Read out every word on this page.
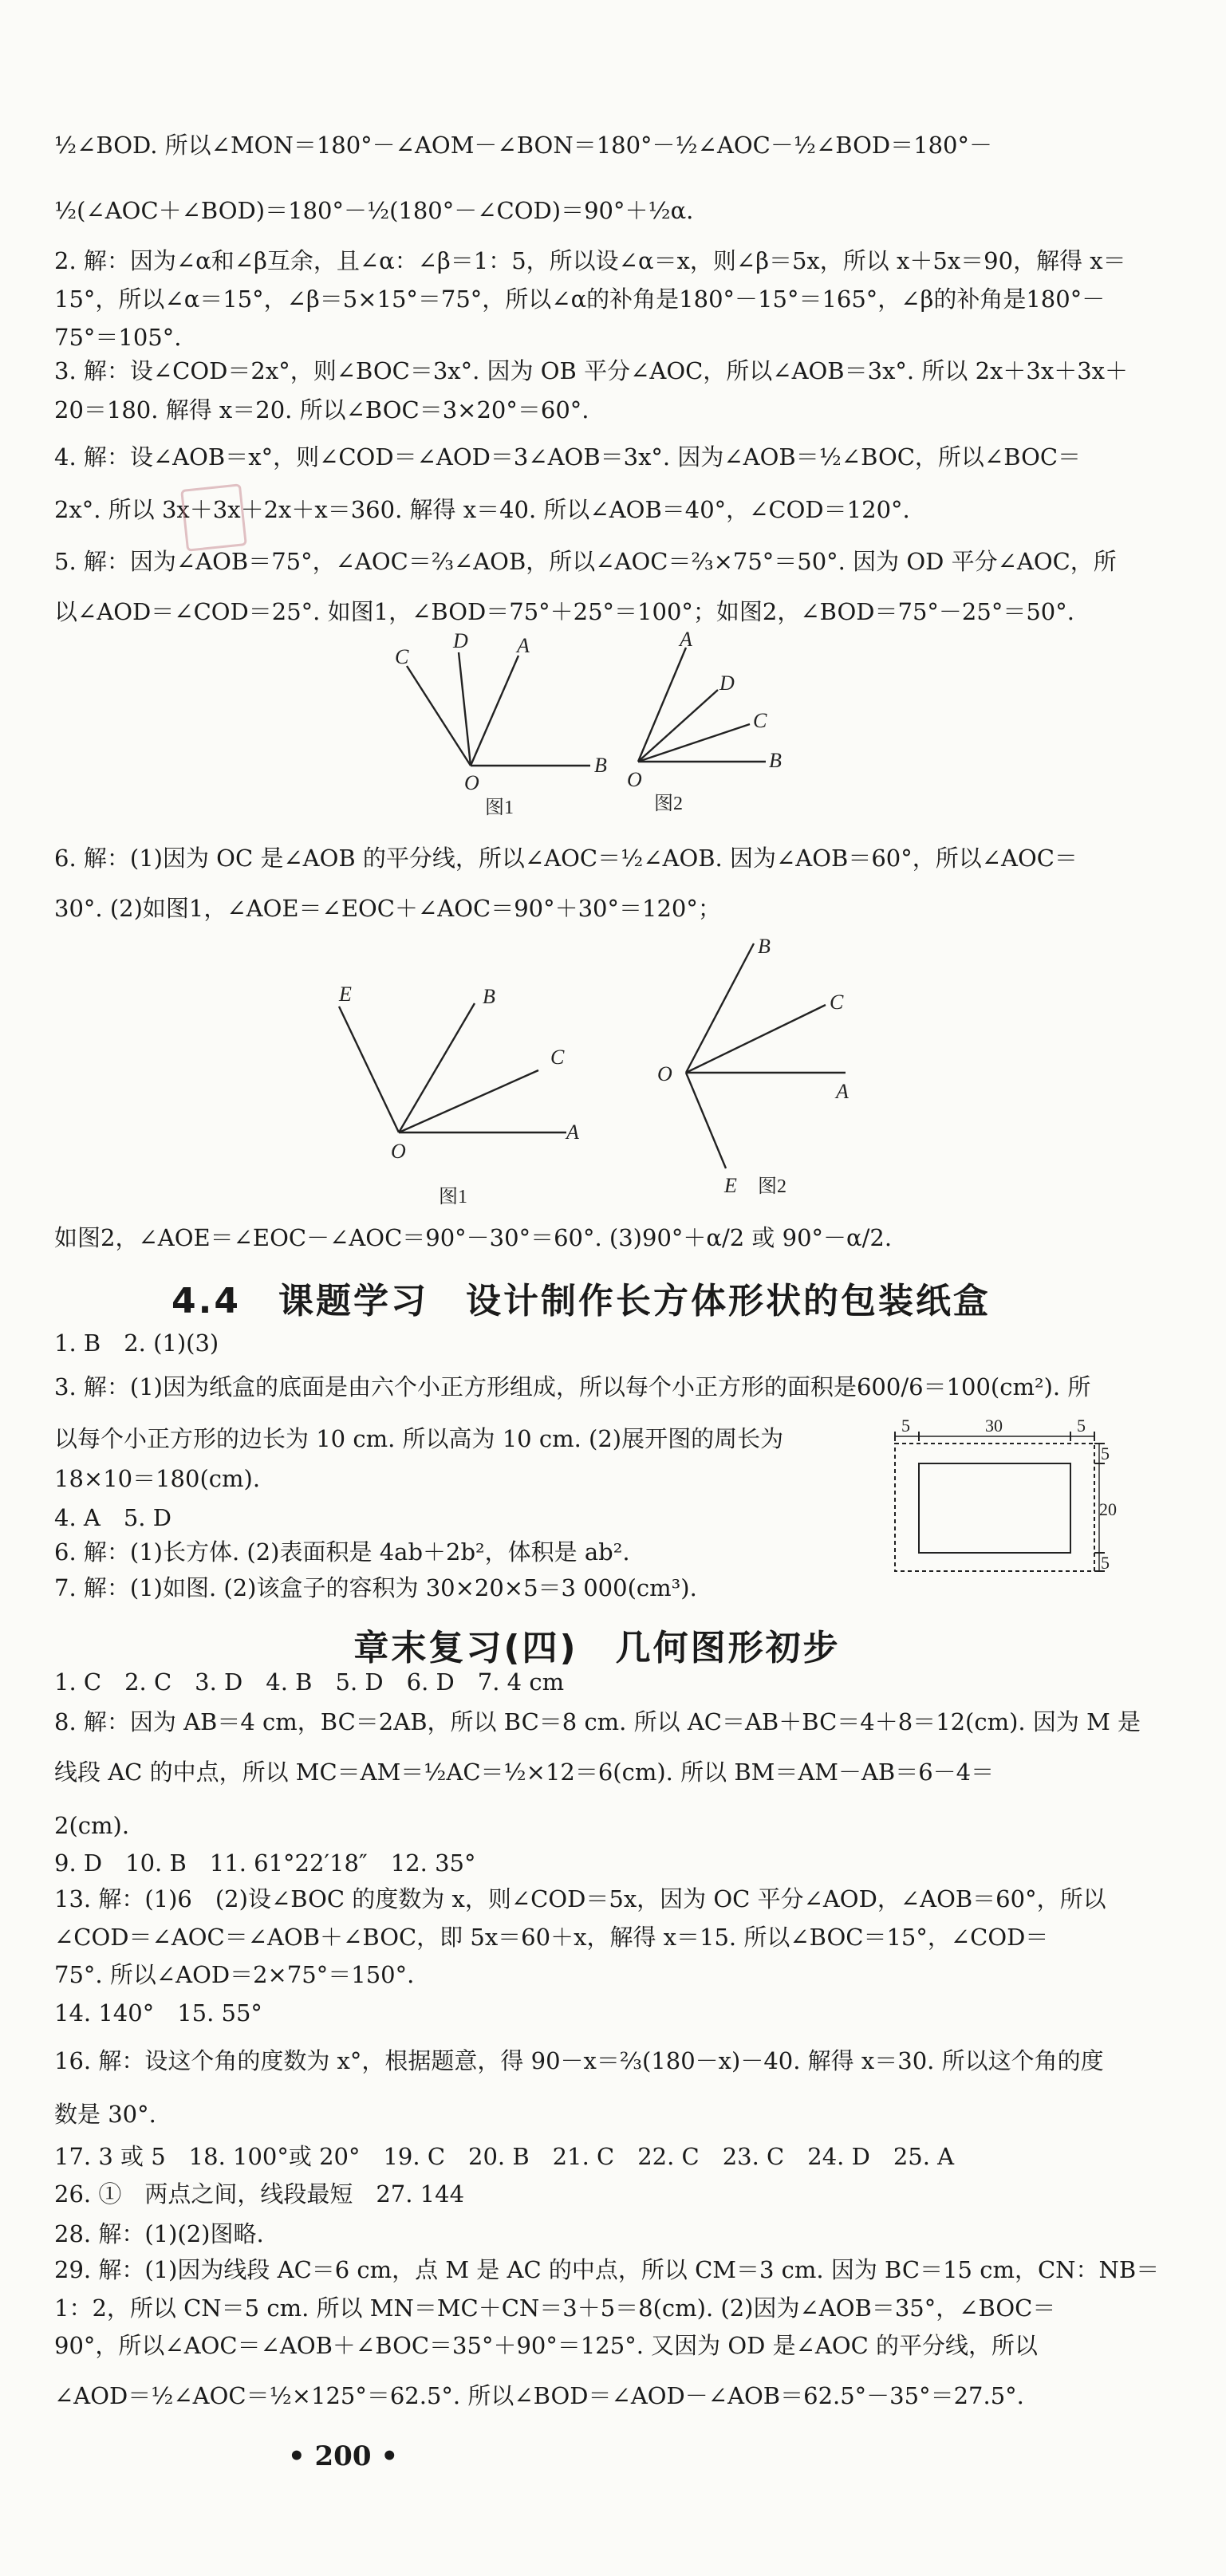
½∠BOD. 所以∠MON＝180°－∠AOM－∠BON＝180°－½∠AOC－½∠BOD＝180°－
½(∠AOC＋∠BOD)＝180°－½(180°－∠COD)＝90°＋½α.
2. 解：因为∠α和∠β互余，且∠α：∠β＝1：5，所以设∠α＝x，则∠β＝5x，所以 x＋5x＝90，解得 x＝
15°，所以∠α＝15°，∠β＝5×15°＝75°，所以∠α的补角是180°－15°＝165°，∠β的补角是180°－
75°＝105°.
3. 解：设∠COD＝2x°，则∠BOC＝3x°. 因为 OB 平分∠AOC，所以∠AOB＝3x°. 所以 2x＋3x＋3x＋
20＝180. 解得 x＝20. 所以∠BOC＝3×20°＝60°.
4. 解：设∠AOB＝x°，则∠COD＝∠AOD＝3∠AOB＝3x°. 因为∠AOB＝½∠BOC，所以∠BOC＝
2x°. 所以 3x＋3x＋2x＋x＝360. 解得 x＝40. 所以∠AOB＝40°，∠COD＝120°.
5. 解：因为∠AOB＝75°，∠AOC＝⅔∠AOB，所以∠AOC＝⅔×75°＝50°. 因为 OD 平分∠AOC，所
以∠AOD＝∠COD＝25°. 如图1，∠BOD＝75°＋25°＝100°；如图2，∠BOD＝75°－25°＝50°.
C
D A
O
B
图1
A
D
C
O
B
图2
6. 解：(1)因为 OC 是∠AOB 的平分线，所以∠AOC＝½∠AOB. 因为∠AOB＝60°，所以∠AOC＝
30°. (2)如图1，∠AOE＝∠EOC＋∠AOC＝90°＋30°＝120°；
E	B
C
O
A
图1
B
C
O
A
E 图2
如图2，∠AOE＝∠EOC－∠AOC＝90°－30°＝60°. (3)90°＋α/2 或 90°－α/2.
4.4　课题学习　设计制作长方体形状的包装纸盒
1. B　2. (1)(3)
3. 解：(1)因为纸盒的底面是由六个小正方形组成，所以每个小正方形的面积是600/6＝100(cm²). 所
以每个小正方形的边长为 10 cm. 所以高为 10 cm. (2)展开图的周长为
18×10＝180(cm).
4. A　5. D
6. 解：(1)长方体. (2)表面积是 4ab＋2b²，体积是 ab².
7. 解：(1)如图. (2)该盒子的容积为 30×20×5＝3 000(cm³).
5	30	5
5
20
5
章末复习(四)　几何图形初步
1. C　2. C　3. D　4. B　5. D　6. D　7. 4 cm
8. 解：因为 AB＝4 cm，BC＝2AB，所以 BC＝8 cm. 所以 AC＝AB＋BC＝4＋8＝12(cm). 因为 M 是
线段 AC 的中点，所以 MC＝AM＝½AC＝½×12＝6(cm). 所以 BM＝AM－AB＝6－4＝
2(cm).
9. D　10. B　11. 61°22′18″　12. 35°
13. 解：(1)6　(2)设∠BOC 的度数为 x，则∠COD＝5x，因为 OC 平分∠AOD，∠AOB＝60°，所以
∠COD＝∠AOC＝∠AOB＋∠BOC，即 5x＝60＋x，解得 x＝15. 所以∠BOC＝15°，∠COD＝
75°. 所以∠AOD＝2×75°＝150°.
14. 140°　15. 55°
16. 解：设这个角的度数为 x°，根据题意，得 90－x＝⅔(180－x)－40. 解得 x＝30. 所以这个角的度
数是 30°.
17. 3 或 5　18. 100°或 20°　19. C　20. B　21. C　22. C　23. C　24. D　25. A
26. ①　两点之间，线段最短　27. 144
28. 解：(1)(2)图略.
29. 解：(1)因为线段 AC＝6 cm，点 M 是 AC 的中点，所以 CM＝3 cm. 因为 BC＝15 cm，CN：NB＝
1：2，所以 CN＝5 cm. 所以 MN＝MC＋CN＝3＋5＝8(cm). (2)因为∠AOB＝35°，∠BOC＝
90°，所以∠AOC＝∠AOB＋∠BOC＝35°＋90°＝125°. 又因为 OD 是∠AOC 的平分线，所以
∠AOD＝½∠AOC＝½×125°＝62.5°. 所以∠BOD＝∠AOD－∠AOB＝62.5°－35°＝27.5°.
• 200 •
